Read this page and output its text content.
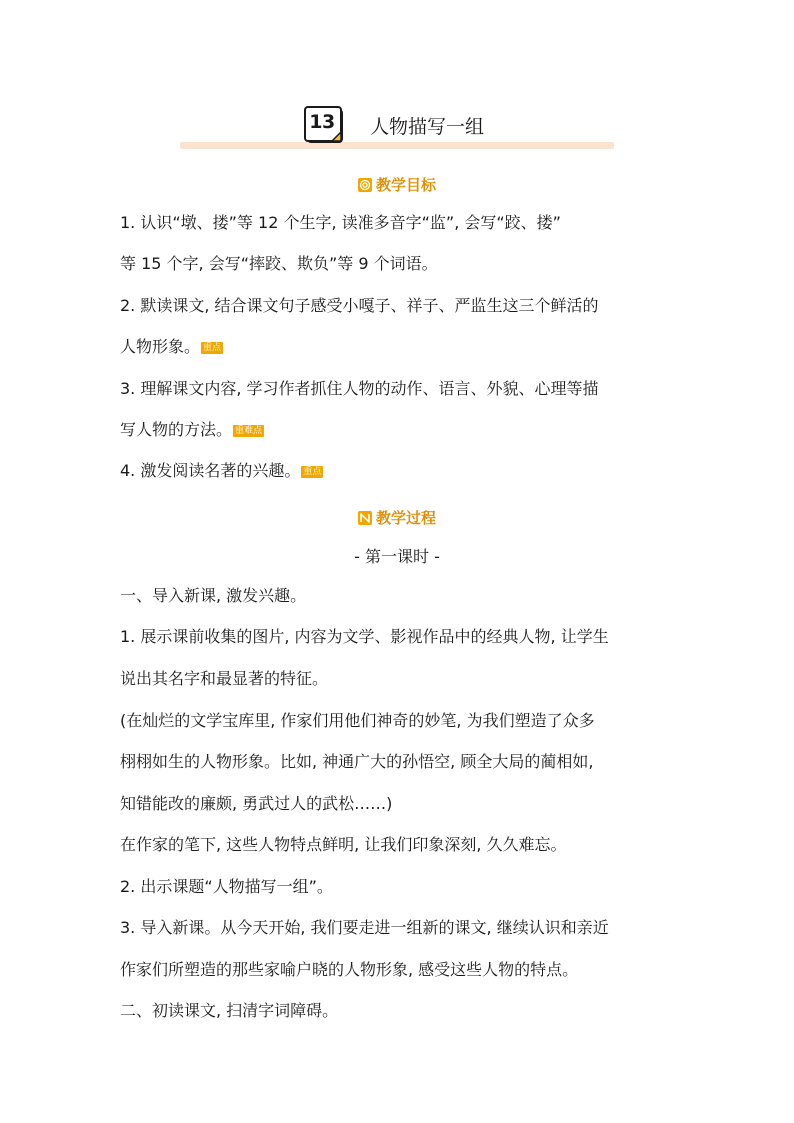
13 人物描写一组
教学目标
1. 认识“墩、搂”等 12 个生字, 读准多音字“监”, 会写“跤、搂”
等 15 个字, 会写“摔跤、欺负”等 9 个词语。
2. 默读课文, 结合课文句子感受小嘎子、祥子、严监生这三个鲜活的
人物形象。 重点
3. 理解课文内容, 学习作者抓住人物的动作、语言、外貌、心理等描
写人物的方法。 重难点
4. 激发阅读名著的兴趣。 重点
教学过程
- 第一课时 -
一、导入新课, 激发兴趣。
1. 展示课前收集的图片, 内容为文学、影视作品中的经典人物, 让学生
说出其名字和最显著的特征。
(在灿烂的文学宝库里, 作家们用他们神奇的妙笔, 为我们塑造了众多
栩栩如生的人物形象。比如, 神通广大的孙悟空, 顾全大局的蔺相如,
知错能改的廉颇, 勇武过人的武松……)
在作家的笔下, 这些人物特点鲜明, 让我们印象深刻, 久久难忘。
2. 出示课题“人物描写一组”。
3. 导入新课。从今天开始, 我们要走进一组新的课文, 继续认识和亲近
作家们所塑造的那些家喻户晓的人物形象, 感受这些人物的特点。
二、初读课文, 扫清字词障碍。
